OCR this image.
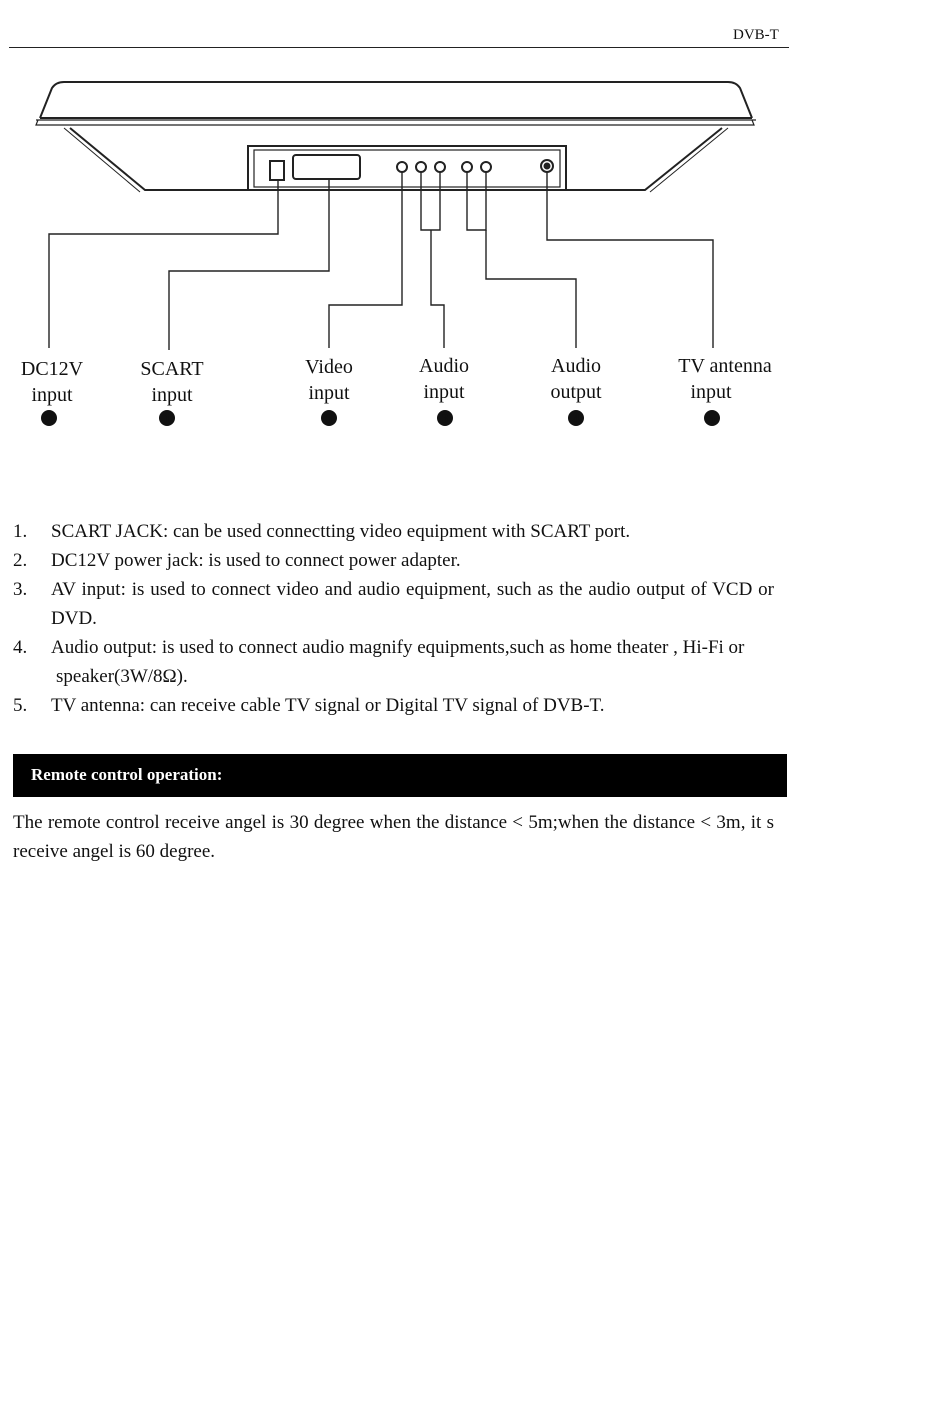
DVB-T
DC12V
input
SCART
input
Video
input
Audio
input
Audio
output
TV antenna
input
2	1	3	3	4	5
1. SCART JACK: can be used connectting video equipment with SCART port.
2. DC12V power jack: is used to connect power adapter.
3. AV input: is used to connect video and audio equipment, such as the audio output of VCD or DVD.
4. Audio output: is used to connect audio magnify equipments,such as home theater , Hi-Fi or
speaker(3W/8Ω).
5. TV antenna: can receive cable TV signal or Digital TV signal of DVB-T.
Remote control operation:

The remote control receive angel is 30 degree when the distance < 5m;when the distance < 3m, it s receive angel is 60 degree.
